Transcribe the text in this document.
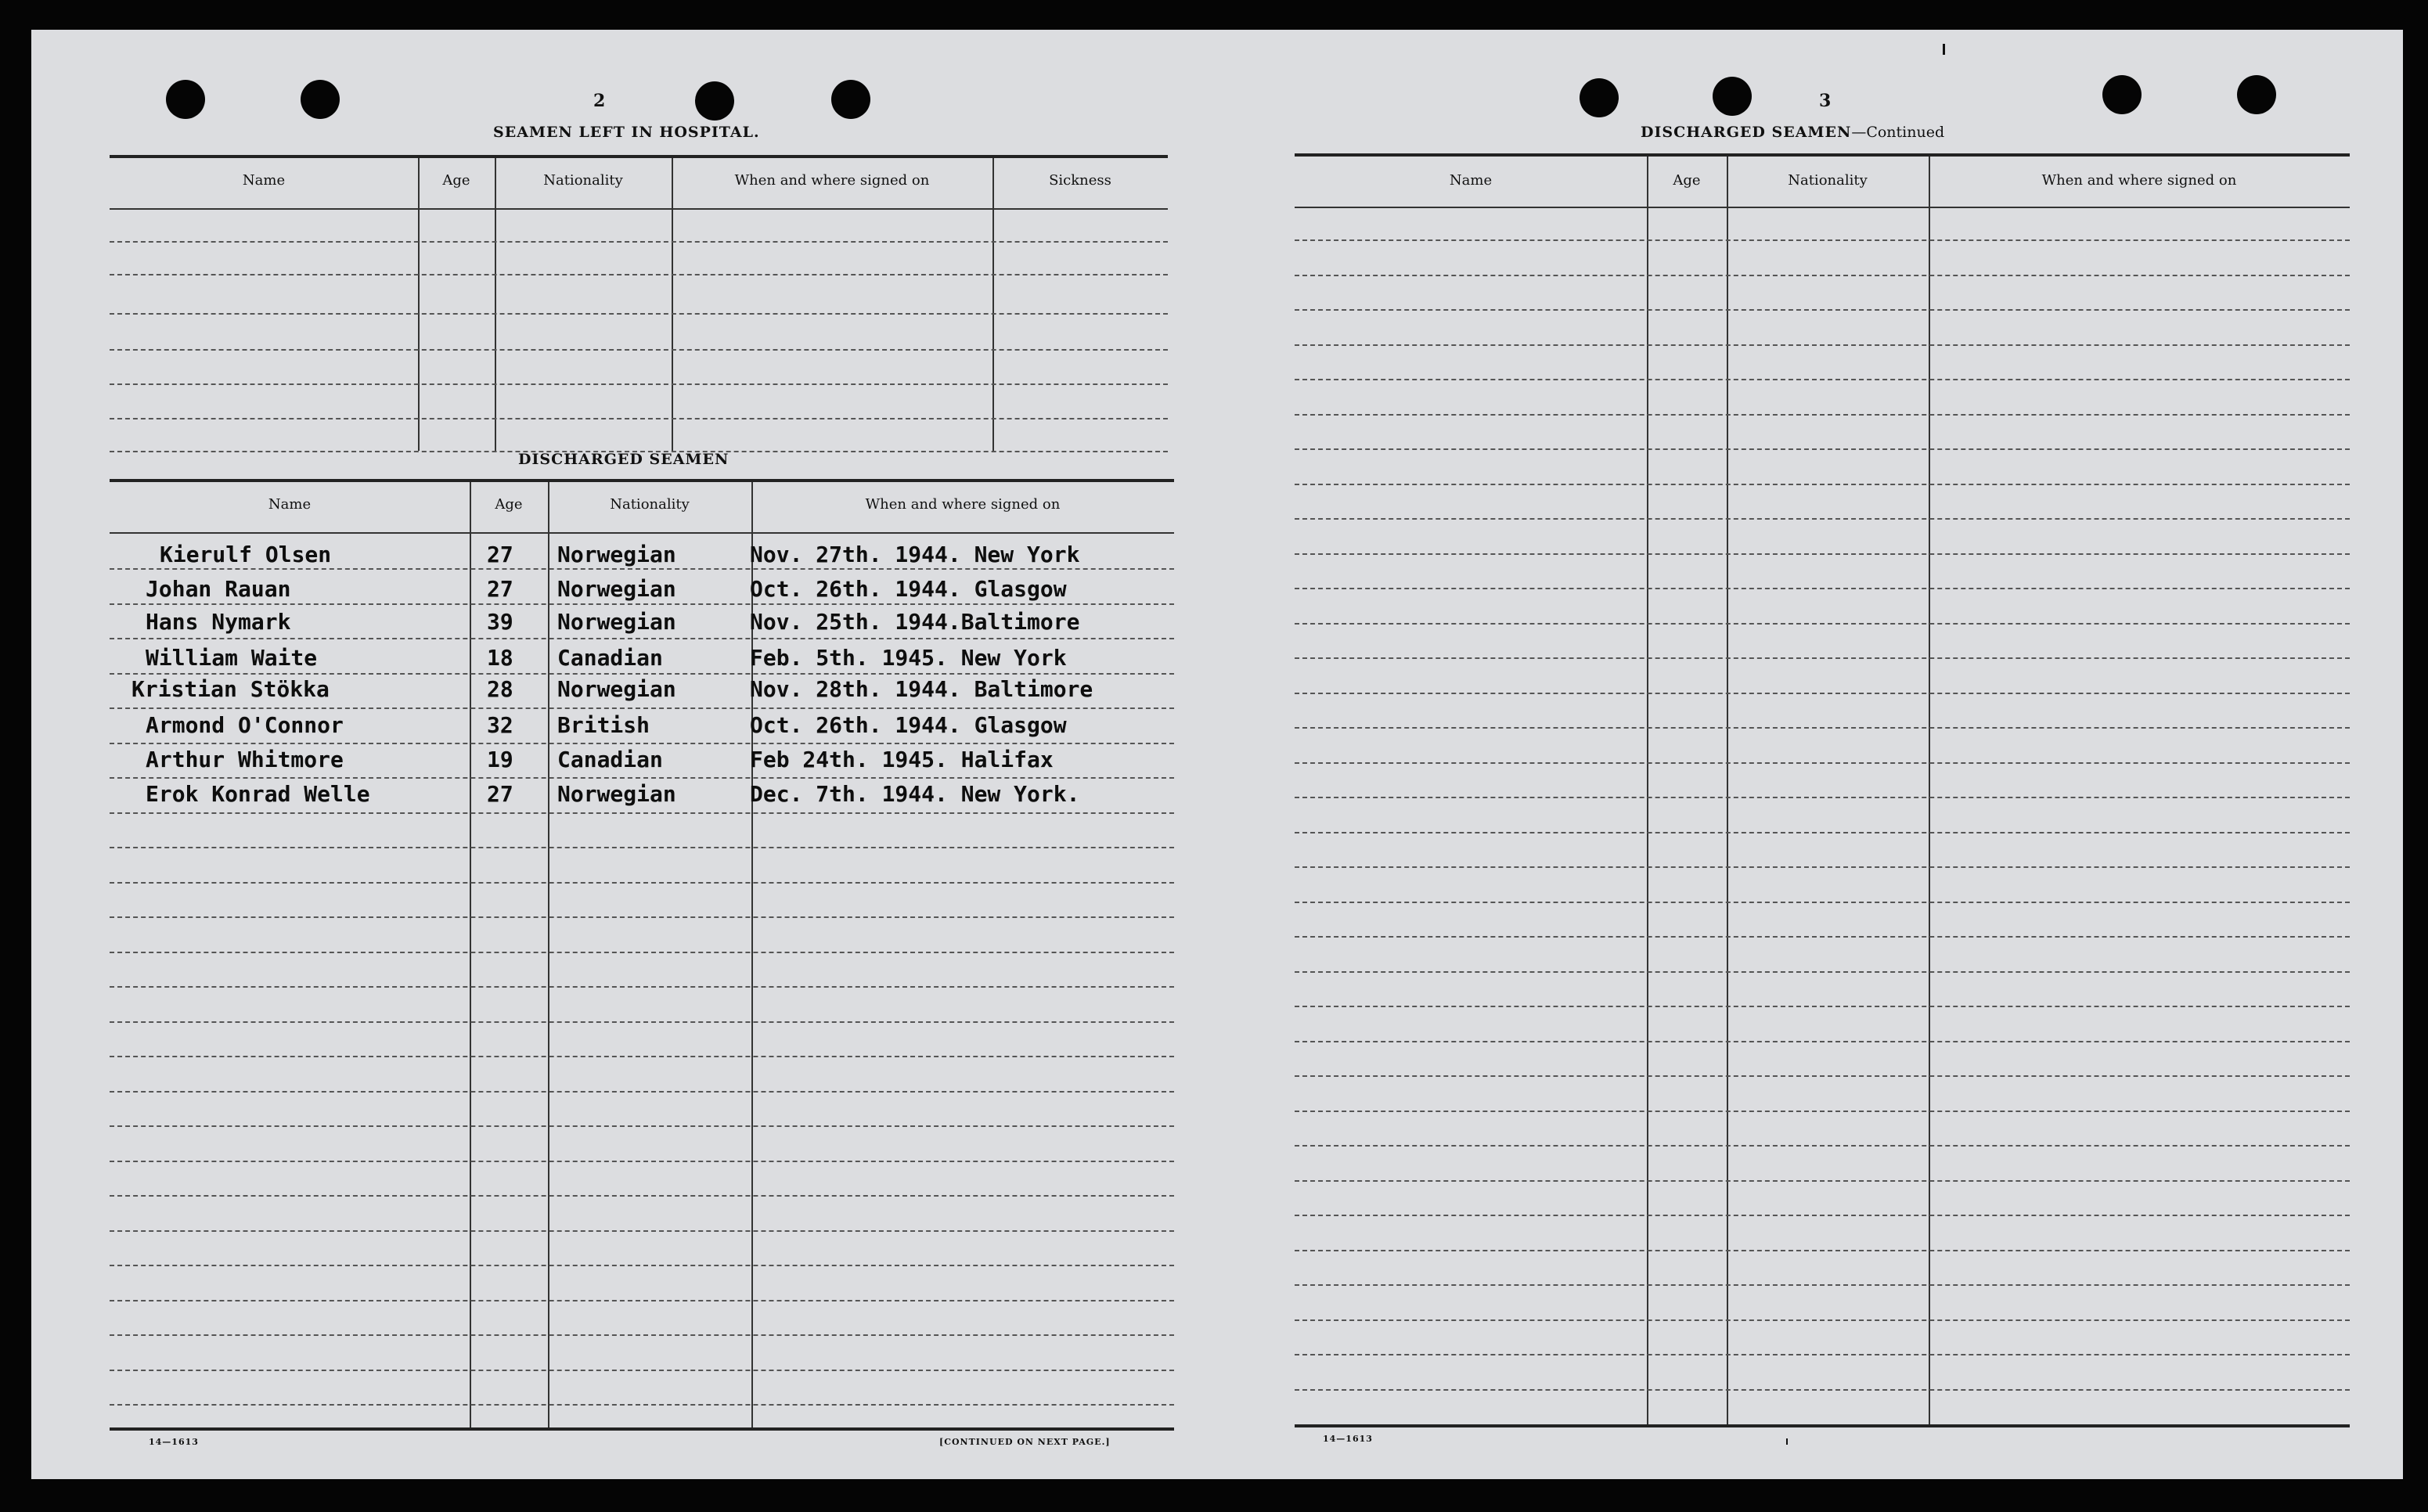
2
SEAMEN LEFT IN HOSPITAL.
Name	Age	Nationality	When and where signed on	Sickness
DISCHARGED SEAMEN
Name	Age	Nationality	When and where signed on
Kierulf Olsen	27 Norwegian	Nov. 27th. 1944. New York
Johan Rauan	27 Norwegian	Oct. 26th. 1944. Glasgow
Hans Nymark	39 Norwegian	Nov. 25th. 1944.Baltimore
William Waite	18 Canadian	Feb. 5th. 1945. New York
Kristian Stökka	28 Norwegian	Nov. 28th. 1944. Baltimore
Armond O'Connor	32 British	Oct. 26th. 1944. Glasgow
Arthur Whitmore	19 Canadian	Feb 24th. 1945. Halifax
Erok Konrad Welle	27 Norwegian	Dec. 7th. 1944. New York.
14—1613	[CONTINUED ON NEXT PAGE.]
3
DISCHARGED SEAMEN—Continued
Name	Age	Nationality	When and where signed on
14—1613
